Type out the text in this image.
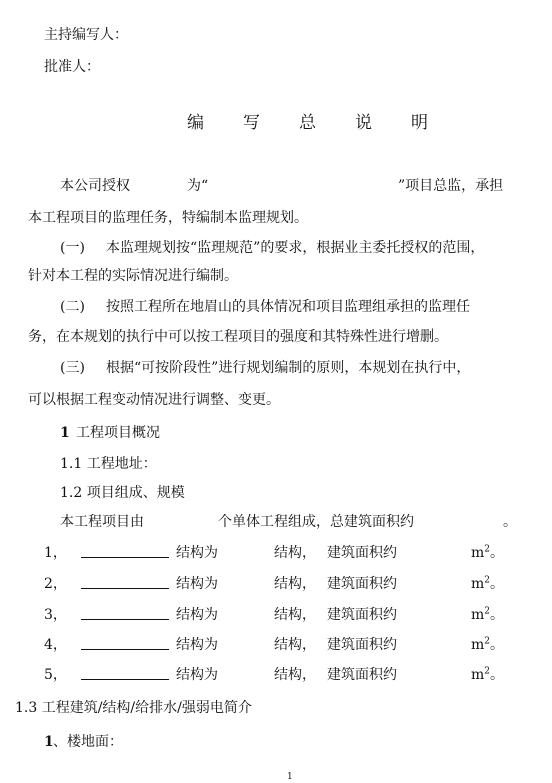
主持编写人：
批准人：
编 写 总 说 明
本公司授权	为“	”项目总监，承担
本工程项目的监理任务，特编制本监理规划。
(一) 本监理规划按“监理规范”的要求，根据业主委托授权的范围，
针对本工程的实际情况进行编制。
(二) 按照工程所在地眉山的具体情况和项目监理组承担的监理任
务，在本规划的执行中可以按工程项目的强度和其特殊性进行增删。
(三) 根据“可按阶段性”进行规划编制的原则，本规划在执行中，
可以根据工程变动情况进行调整、变更。
1 工程项目概况
1.1 工程地址：
1.2 项目组成、规模
本工程项目由	个单体工程组成，总建筑面积约	。
1，	结构为	结构， 建筑面积约	$m^2$。
2，	结构为	结构， 建筑面积约	$m^2$。
3，	结构为	结构， 建筑面积约	$m^2$。
4，	结构为	结构， 建筑面积约	$m^2$。
5，	结构为	结构， 建筑面积约	$m^2$。
1.3 工程建筑/结构/给排水/强弱电简介
1 、楼地面：
1
